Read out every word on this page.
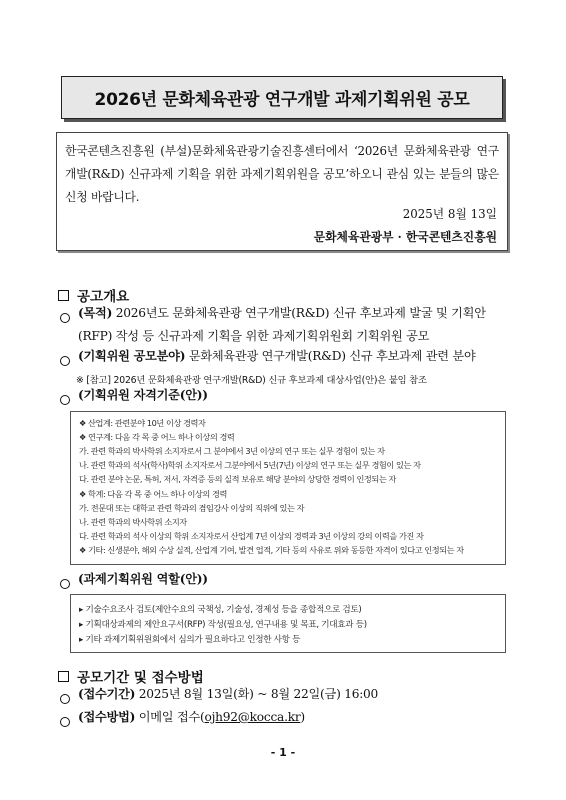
2026년 문화체육관광 연구개발 과제기획위원 공모
한국콘텐츠진흥원 (부설)문화체육관광기술진흥센터에서 ‘2026년 문화체육관광 연구개발(R&D) 신규과제 기획을 위한 과제기획위원을 공모’하오니 관심 있는 분들의 많은 신청 바랍니다.
2025년 8월 13일
문화체육관광부 · 한국콘텐츠진흥원
공고개요
(목적) 2026년도 문화체육관광 연구개발(R&D) 신규 후보과제 발굴 및 기획안
(RFP) 작성 등 신규과제 기획을 위한 과제기획위원회 기획위원 공모
(기획위원 공모분야) 문화체육관광 연구개발(R&D) 신규 후보과제 관련 분야
※ [참고] 2026년 문화체육관광 연구개발(R&D) 신규 후보과제 대상사업(안)은 붙임 참조
(기획위원 자격기준(안))
❖ 산업계: 관련분야 10년 이상 경력자
❖ 연구계: 다음 각 목 중 어느 하나 이상의 경력
가. 관련 학과의 박사학위 소지자로서 그 분야에서 3년 이상의 연구 또는 실무 경험이 있는 자
나. 관련 학과의 석사(학사)학위 소지자로서 그분야에서 5년(7년) 이상의 연구 또는 실무 경험이 있는 자
다. 관련 분야 논문, 특허, 저서, 자격증 등의 실적 보유로 해당 분야의 상당한 경력이 인정되는 자
❖ 학계: 다음 각 목 중 어느 하나 이상의 경력
가. 전문대 또는 대학교 관련 학과의 겸임강사 이상의 직위에 있는 자
나. 관련 학과의 박사학위 소지자
다. 관련 학과의 석사 이상의 학위 소지자로서 산업계 7년 이상의 경력과 3년 이상의 강의 이력을 가진 자
❖ 기타: 신생분야, 해외 수상 실적, 산업계 기여, 발견 업적, 기타 등의 사유로 위와 동등한 자격이 있다고 인정되는 자
(과제기획위원 역할(안))
▸ 기술수요조사 검토(제안수요의 국책성, 기술성, 경제성 등을 종합적으로 검토)
▸ 기획대상과제의 제안요구서(RFP) 작성(필요성, 연구내용 및 목표, 기대효과 등)
▸ 기타 과제기획위원회에서 심의가 필요하다고 인정한 사항 등
공모기간 및 접수방법
(접수기간) 2025년 8월 13일(화) ~ 8월 22일(금) 16:00
(접수방법) 이메일 접수(ojh92@kocca.kr)
- 1 -
